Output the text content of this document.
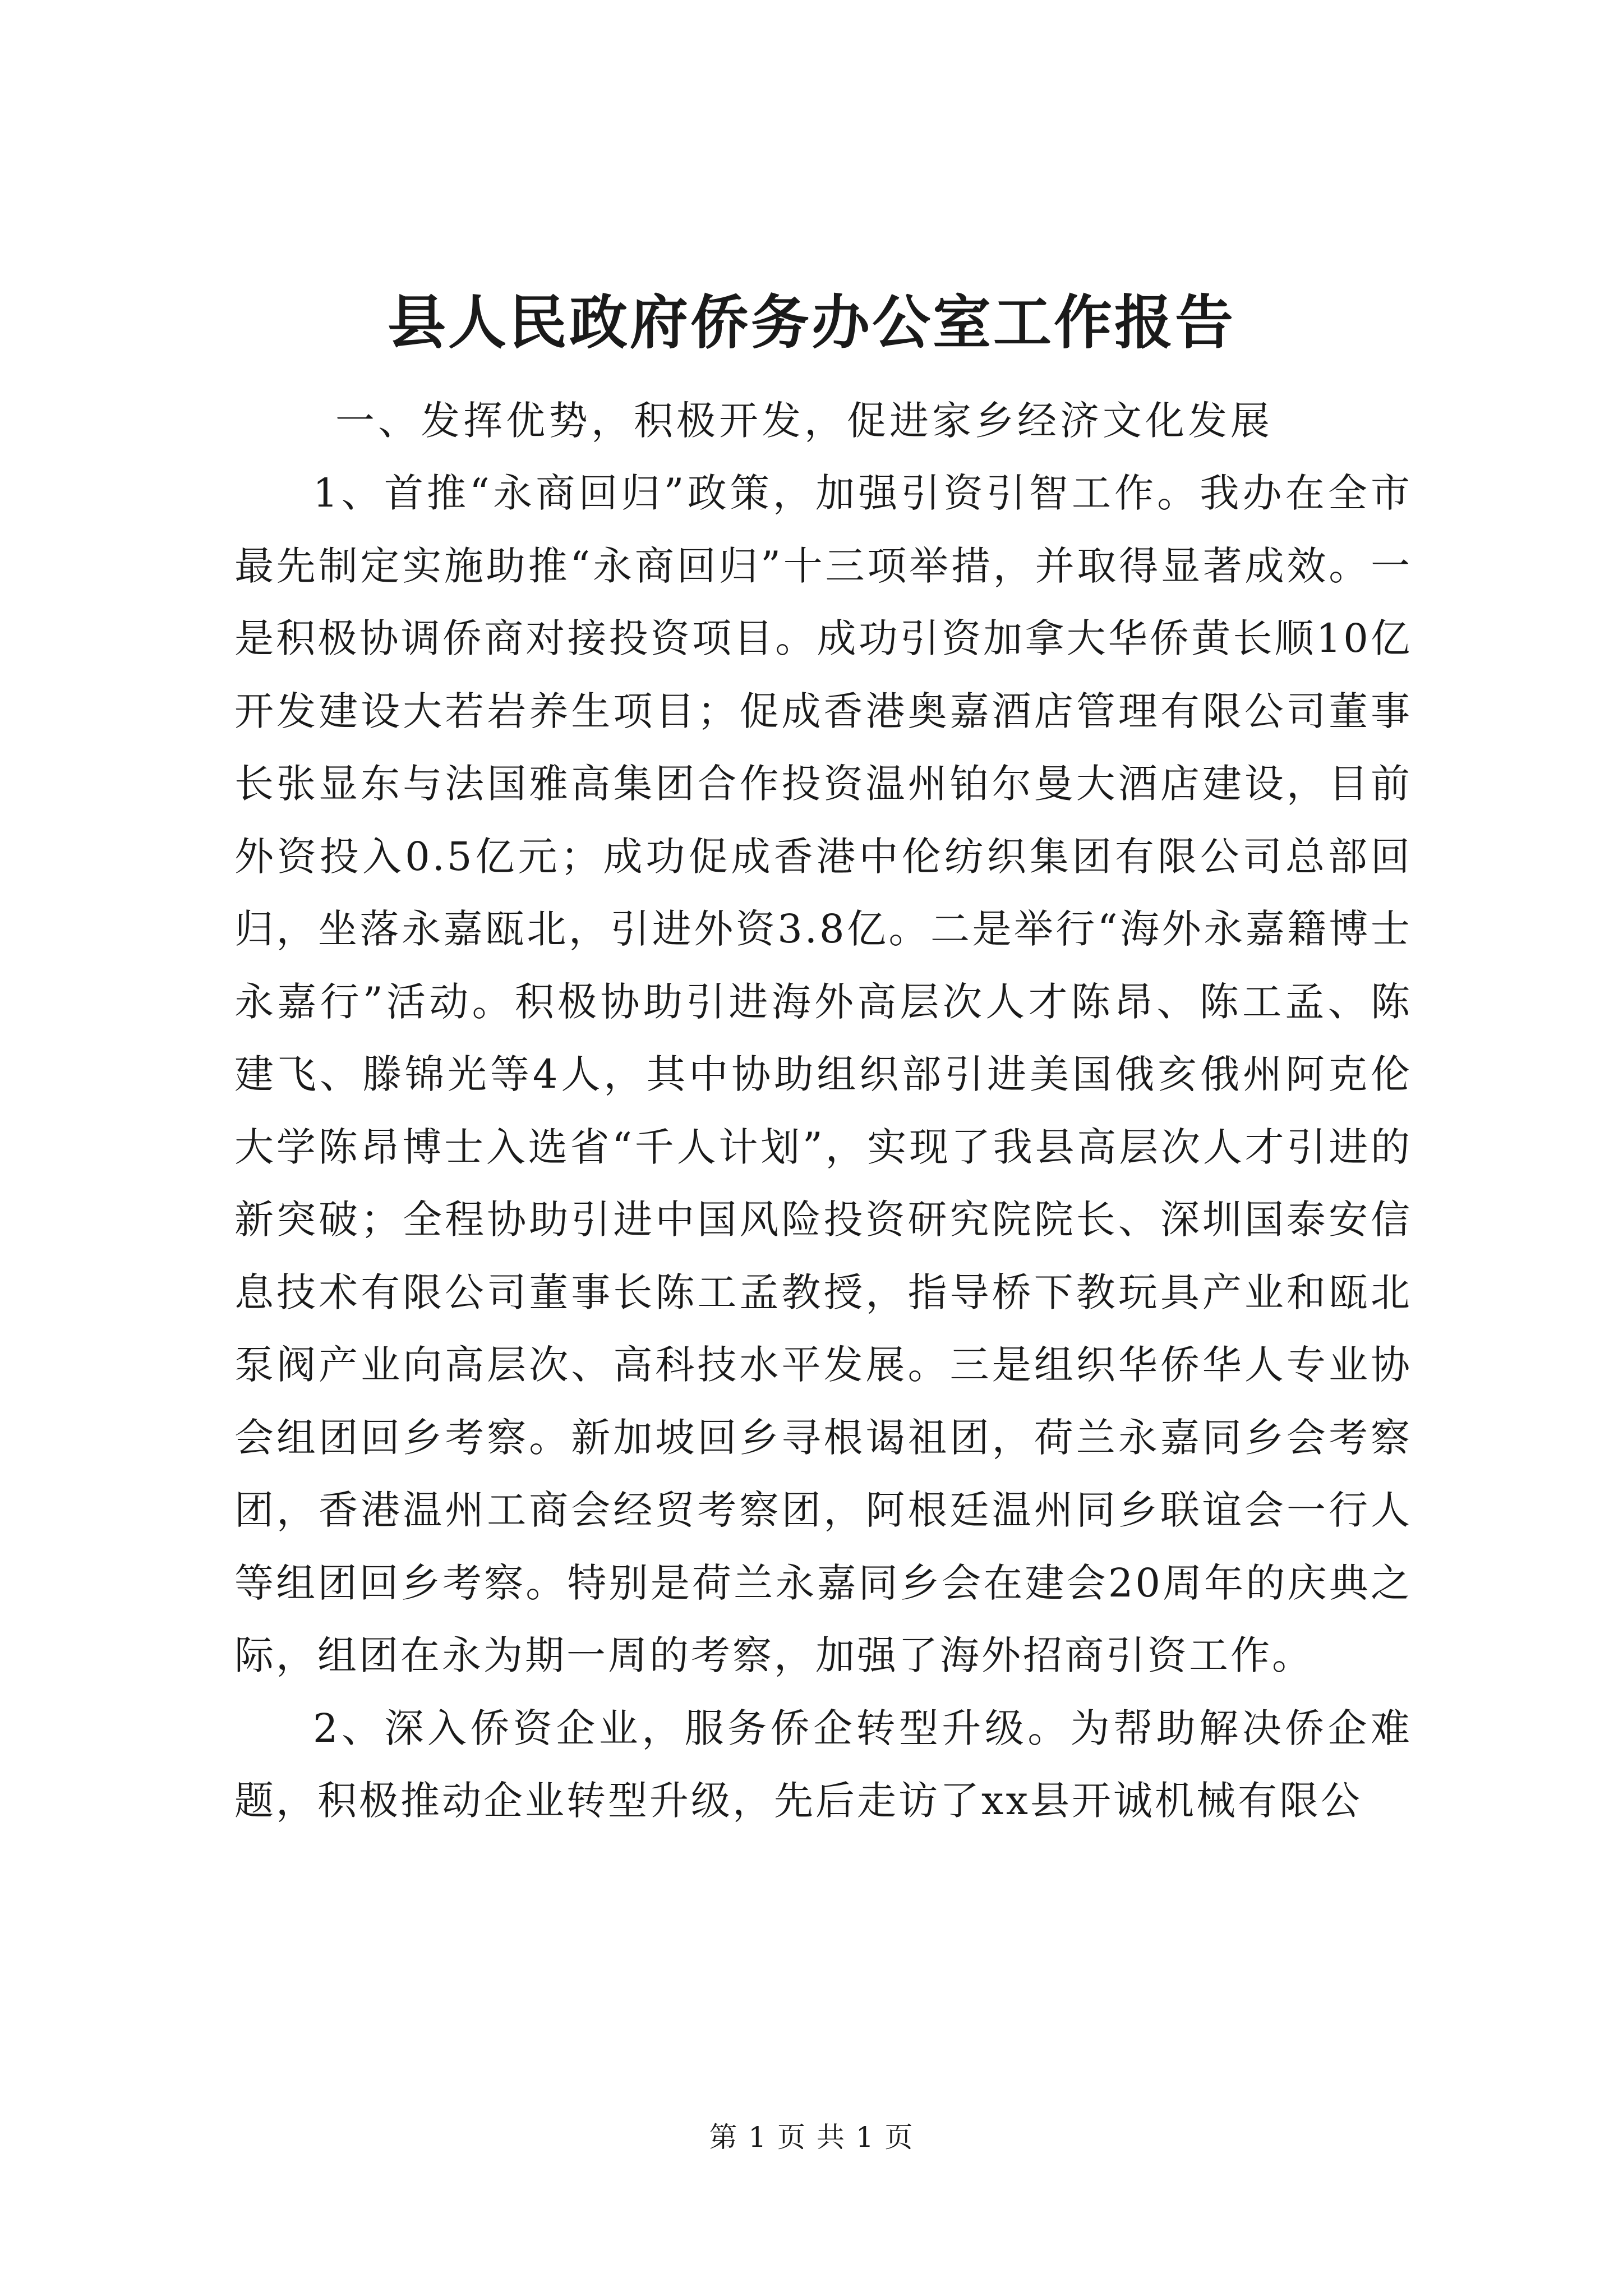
县人民政府侨务办公室工作报告

一、发挥优势，积极开发，促进家乡经济文化发展

1、首推“永商回归”政策，加强引资引智工作。我办在全市最先制定实施助推“永商回归”十三项举措，并取得显著成效。一是积极协调侨商对接投资项目。成功引资加拿大华侨黄长顺10亿开发建设大若岩养生项目；促成香港奥嘉酒店管理有限公司董事长张显东与法国雅高集团合作投资温州铂尔曼大酒店建设，目前外资投入0.5亿元；成功促成香港中伦纺织集团有限公司总部回归，坐落永嘉瓯北，引进外资3.8亿。二是举行“海外永嘉籍博士永嘉行”活动。积极协助引进海外高层次人才陈昂、陈工孟、陈建飞、滕锦光等4人，其中协助组织部引进美国俄亥俄州阿克伦大学陈昂博士入选省“千人计划”，实现了我县高层次人才引进的新突破；全程协助引进中国风险投资研究院院长、深圳国泰安信息技术有限公司董事长陈工孟教授，指导桥下教玩具产业和瓯北泵阀产业向高层次、高科技水平发展。三是组织华侨华人专业协会组团回乡考察。新加坡回乡寻根谒祖团，荷兰永嘉同乡会考察团，香港温州工商会经贸考察团，阿根廷温州同乡联谊会一行人等组团回乡考察。特别是荷兰永嘉同乡会在建会20周年的庆典之际，组团在永为期一周的考察，加强了海外招商引资工作。

2、深入侨资企业，服务侨企转型升级。为帮助解决侨企难题，积极推动企业转型升级，先后走访了xx县开诚机械有限公

第 1 页 共 1 页
